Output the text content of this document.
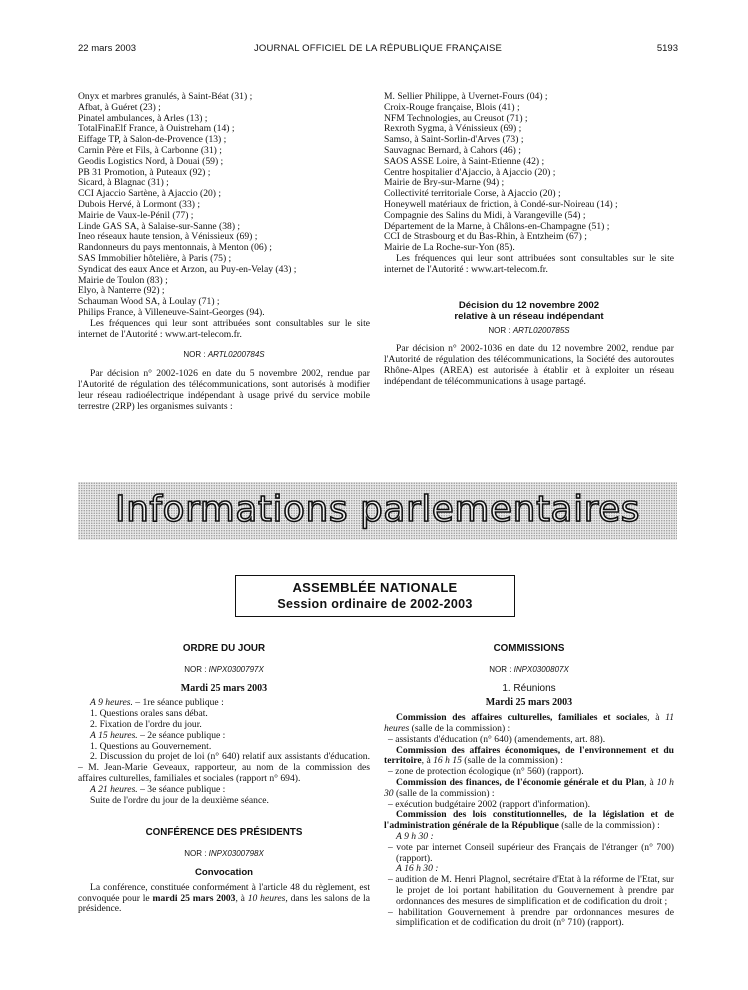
22 mars 2003	JOURNAL OFFICIEL DE LA RÉPUBLIQUE FRANÇAISE	5193
Onyx et marbres granulés, à Saint-Béat (31) ;
Afbat, à Guéret (23) ;
Pinatel ambulances, à Arles (13) ;
TotalFinaElf France, à Ouistreham (14) ;
Eiffage TP, à Salon-de-Provence (13) ;
Carnin Père et Fils, à Carbonne (31) ;
Geodis Logistics Nord, à Douai (59) ;
PB 31 Promotion, à Puteaux (92) ;
Sicard, à Blagnac (31) ;
CCI Ajaccio Sartène, à Ajaccio (20) ;
Dubois Hervé, à Lormont (33) ;
Mairie de Vaux-le-Pénil (77) ;
Linde GAS SA, à Salaise-sur-Sanne (38) ;
Ineo réseaux haute tension, à Vénissieux (69) ;
Randonneurs du pays mentonnais, à Menton (06) ;
SAS Immobilier hôtelière, à Paris (75) ;
Syndicat des eaux Ance et Arzon, au Puy-en-Velay (43) ;
Mairie de Toulon (83) ;
Elyo, à Nanterre (92) ;
Schauman Wood SA, à Loulay (71) ;
Philips France, à Villeneuve-Saint-Georges (94).
Les fréquences qui leur sont attribuées sont consultables sur le site internet de l'Autorité : www.art-telecom.fr.
NOR : ARTL0200784S
Par décision n° 2002-1026 en date du 5 novembre 2002, rendue par l'Autorité de régulation des télécommunications, sont autorisés à modifier leur réseau radioélectrique indépendant à usage privé du service mobile terrestre (2RP) les organismes suivants :
M. Sellier Philippe, à Uvernet-Fours (04) ;
Croix-Rouge française, Blois (41) ;
NFM Technologies, au Creusot (71) ;
Rexroth Sygma, à Vénissieux (69) ;
Samso, à Saint-Sorlin-d'Arves (73) ;
Sauvagnac Bernard, à Cahors (46) ;
SAOS ASSE Loire, à Saint-Etienne (42) ;
Centre hospitalier d'Ajaccio, à Ajaccio (20) ;
Mairie de Bry-sur-Marne (94) ;
Collectivité territoriale Corse, à Ajaccio (20) ;
Honeywell matériaux de friction, à Condé-sur-Noireau (14) ;
Compagnie des Salins du Midi, à Varangeville (54) ;
Département de la Marne, à Châlons-en-Champagne (51) ;
CCI de Strasbourg et du Bas-Rhin, à Entzheim (67) ;
Mairie de La Roche-sur-Yon (85).
Les fréquences qui leur sont attribuées sont consultables sur le site internet de l'Autorité : www.art-telecom.fr.
Décision du 12 novembre 2002
relative à un réseau indépendant
NOR : ARTL0200785S
Par décision n° 2002-1036 en date du 12 novembre 2002, rendue par l'Autorité de régulation des télécommunications, la Société des autoroutes Rhône-Alpes (AREA) est autorisée à établir et à exploiter un réseau indépendant de télécommunications à usage partagé.
Informations parlementaires
ASSEMBLÉE NATIONALE
Session ordinaire de 2002-2003
ORDRE DU JOUR
NOR : INPX0300797X
Mardi 25 mars 2003
A 9 heures. – 1re séance publique :
1. Questions orales sans débat.
2. Fixation de l'ordre du jour.
A 15 heures. – 2e séance publique :
1. Questions au Gouvernement.
2. Discussion du projet de loi (n° 640) relatif aux assistants d'éducation. – M. Jean-Marie Geveaux, rapporteur, au nom de la commission des affaires culturelles, familiales et sociales (rapport n° 694).
A 21 heures. – 3e séance publique :
Suite de l'ordre du jour de la deuxième séance.
CONFÉRENCE DES PRÉSIDENTS
NOR : INPX0300798X
Convocation
La conférence, constituée conformément à l'article 48 du règlement, est convoquée pour le mardi 25 mars 2003, à 10 heures, dans les salons de la présidence.
COMMISSIONS
NOR : INPX0300807X
1. Réunions
Mardi 25 mars 2003
Commission des affaires culturelles, familiales et sociales, à 11 heures (salle de la commission) :
– assistants d'éducation (n° 640) (amendements, art. 88).
Commission des affaires économiques, de l'environnement et du territoire, à 16 h 15 (salle de la commission) :
– zone de protection écologique (n° 560) (rapport).
Commission des finances, de l'économie générale et du Plan, à 10 h 30 (salle de la commission) :
– exécution budgétaire 2002 (rapport d'information).
Commission des lois constitutionnelles, de la législation et de l'administration générale de la République (salle de la commission) :
A 9 h 30 :
– vote par internet Conseil supérieur des Français de l'étranger (n° 700) (rapport).
A 16 h 30 :
– audition de M. Henri Plagnol, secrétaire d'Etat à la réforme de l'Etat, sur le projet de loi portant habilitation du Gouvernement à prendre par ordonnances des mesures de simplification et de codification du droit ;
– habilitation Gouvernement à prendre par ordonnances mesures de simplification et de codification du droit (n° 710) (rapport).
